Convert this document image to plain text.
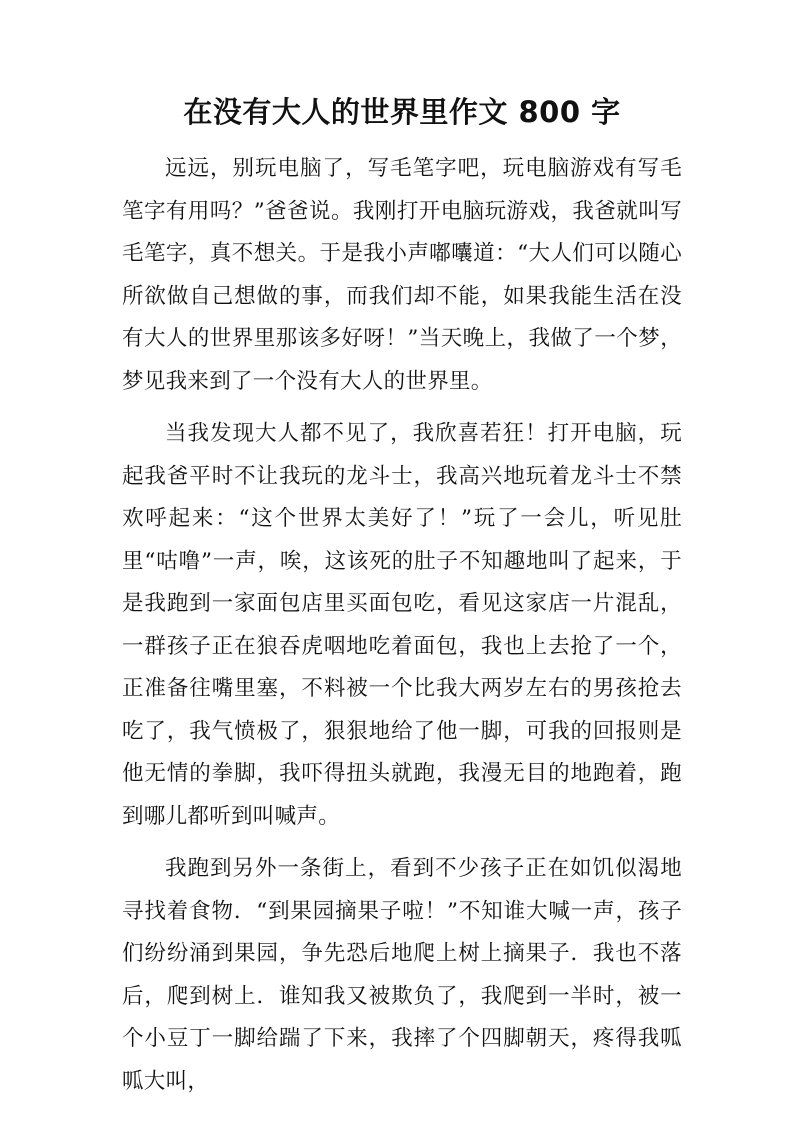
在没有大人的世界里作文 800 字

远远，别玩电脑了，写毛笔字吧，玩电脑游戏有写毛笔字有用吗？”爸爸说。我刚打开电脑玩游戏，我爸就叫写毛笔字，真不想关。于是我小声嘟囔道：“大人们可以随心所欲做自己想做的事，而我们却不能，如果我能生活在没有大人的世界里那该多好呀！”当天晚上，我做了一个梦，梦见我来到了一个没有大人的世界里。

当我发现大人都不见了，我欣喜若狂！打开电脑，玩起我爸平时不让我玩的龙斗士，我高兴地玩着龙斗士不禁欢呼起来：“这个世界太美好了！”玩了一会儿，听见肚里“咕噜”一声，唉，这该死的肚子不知趣地叫了起来，于是我跑到一家面包店里买面包吃，看见这家店一片混乱，一群孩子正在狼吞虎咽地吃着面包，我也上去抢了一个，正准备往嘴里塞，不料被一个比我大两岁左右的男孩抢去吃了，我气愤极了，狠狠地给了他一脚，可我的回报则是他无情的拳脚，我吓得扭头就跑，我漫无目的地跑着，跑到哪儿都听到叫喊声。

我跑到另外一条街上，看到不少孩子正在如饥似渴地寻找着食物．“到果园摘果子啦！”不知谁大喊一声，孩子们纷纷涌到果园，争先恐后地爬上树上摘果子．我也不落后，爬到树上．谁知我又被欺负了，我爬到一半时，被一个小豆丁一脚给踹了下来，我摔了个四脚朝天，疼得我呱呱大叫，
